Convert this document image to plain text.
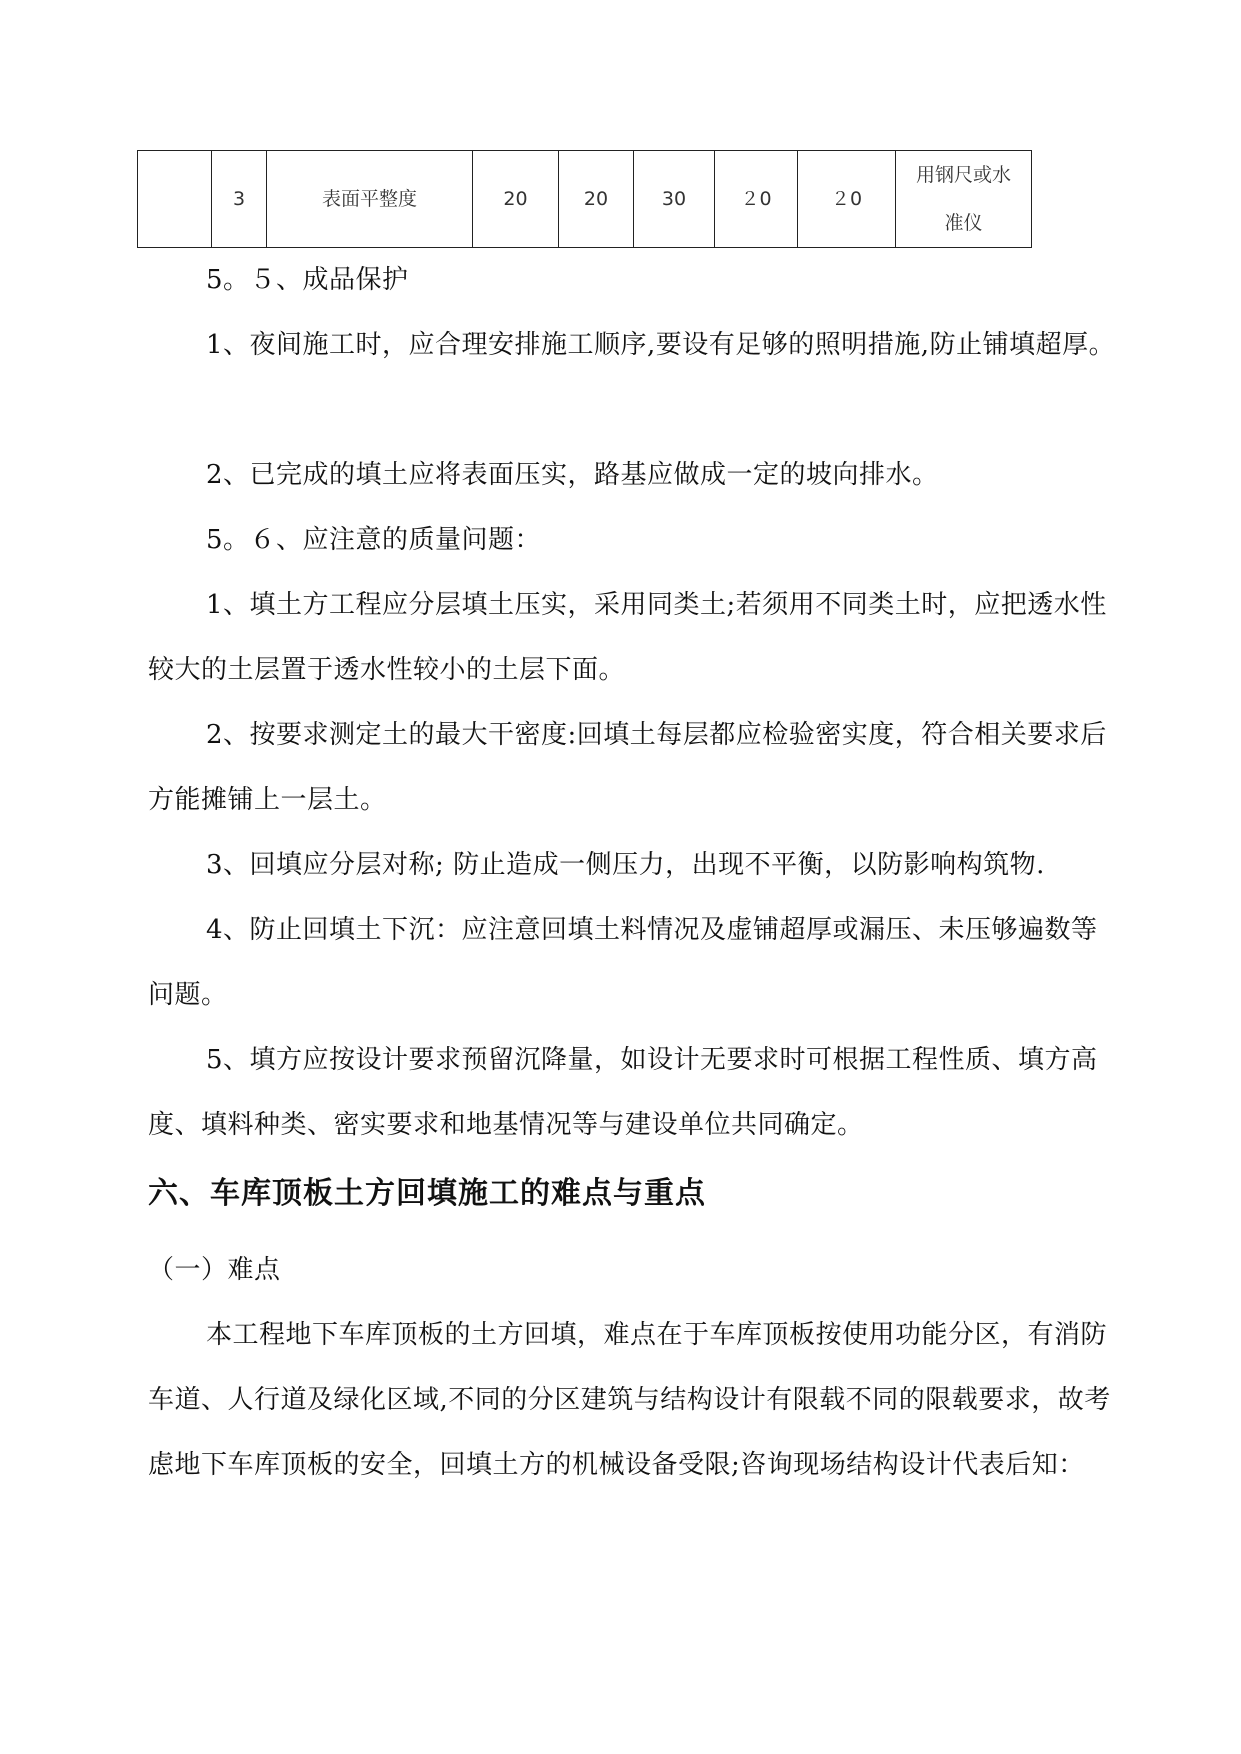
	3	表面平整度	20	20	30	２0	２0	
用钢尺或水
准仪

5。５、成品保护

1、夜间施工时，应合理安排施工顺序,要设有足够的照明措施,防止铺填超厚。

2、已完成的填土应将表面压实，路基应做成一定的坡向排水。

5。６、应注意的质量问题：

1、填土方工程应分层填土压实，采用同类土;若须用不同类土时，应把透水性较大的土层置于透水性较小的土层下面。

2、按要求测定土的最大干密度:回填土每层都应检验密实度，符合相关要求后方能摊铺上一层土。

3、回填应分层对称; 防止造成一侧压力，出现不平衡，以防影响构筑物.

4、防止回填土下沉：应注意回填土料情况及虚铺超厚或漏压、未压够遍数等问题。

5、填方应按设计要求预留沉降量，如设计无要求时可根据工程性质、填方高度、填料种类、密实要求和地基情况等与建设单位共同确定。

六、车库顶板土方回填施工的难点与重点

（一）难点

本工程地下车库顶板的土方回填，难点在于车库顶板按使用功能分区，有消防车道、人行道及绿化区域,不同的分区建筑与结构设计有限载不同的限载要求，故考虑地下车库顶板的安全，回填土方的机械设备受限;咨询现场结构设计代表后知：
